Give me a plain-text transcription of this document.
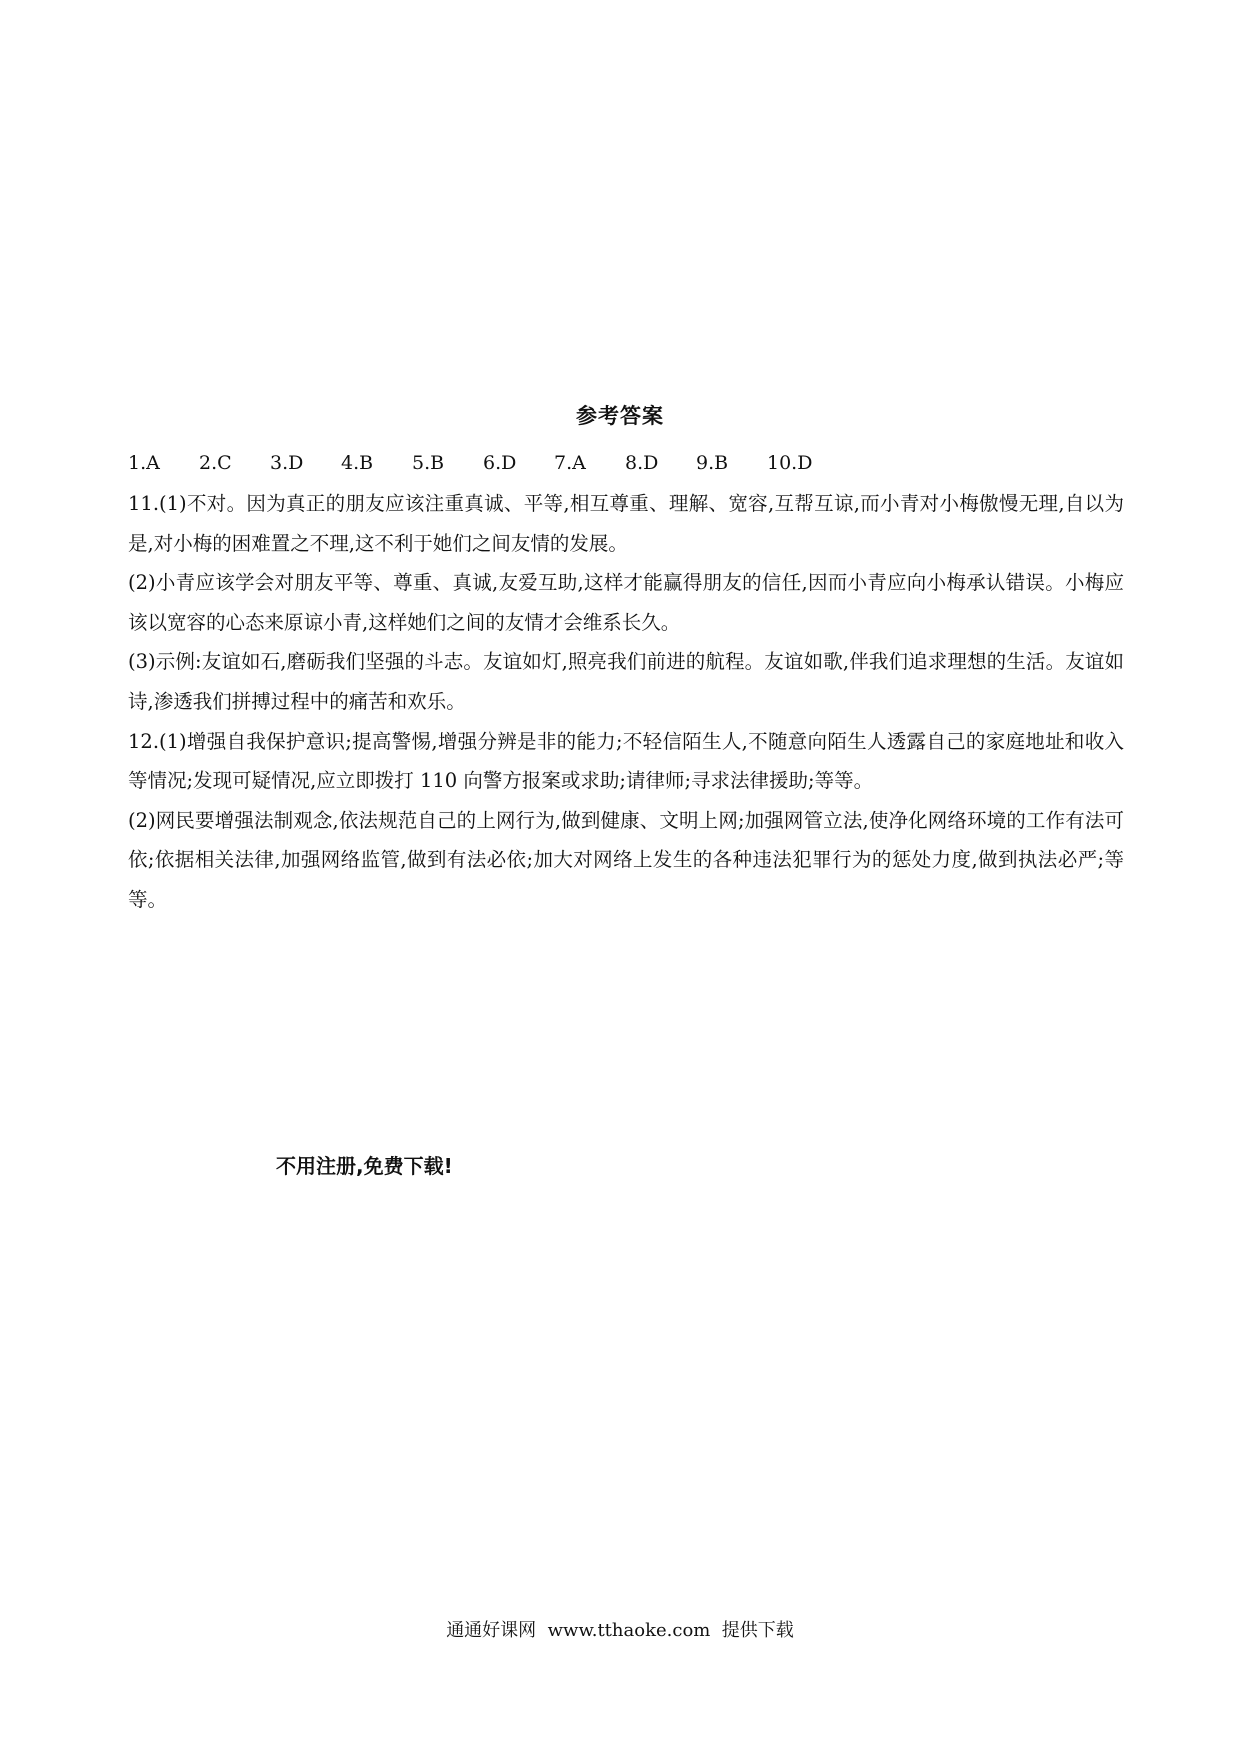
参考答案
1.A	2.C	3.D	4.B	5.B	6.D	7.A	8.D	9.B	10.D

11.(1)不对。因为真正的朋友应该注重真诚、平等,相互尊重、理解、宽容,互帮互谅,而小青对小梅傲慢无理,自以为是,对小梅的困难置之不理,这不利于她们之间友情的发展。

(2)小青应该学会对朋友平等、尊重、真诚,友爱互助,这样才能赢得朋友的信任,因而小青应向小梅承认错误。小梅应该以宽容的心态来原谅小青,这样她们之间的友情才会维系长久。

(3)示例:友谊如石,磨砺我们坚强的斗志。友谊如灯,照亮我们前进的航程。友谊如歌,伴我们追求理想的生活。友谊如诗,渗透我们拼搏过程中的痛苦和欢乐。

12.(1)增强自我保护意识;提高警惕,增强分辨是非的能力;不轻信陌生人,不随意向陌生人透露自己的家庭地址和收入等情况;发现可疑情况,应立即拨打 110 向警方报案或求助;请律师;寻求法律援助;等等。

(2)网民要增强法制观念,依法规范自己的上网行为,做到健康、文明上网;加强网管立法,使净化网络环境的工作有法可依;依据相关法律,加强网络监管,做到有法必依;加大对网络上发生的各种违法犯罪行为的惩处力度,做到执法必严;等等。

不用注册,免费下载!
通通好课网 www.tthaoke.com 提供下载
